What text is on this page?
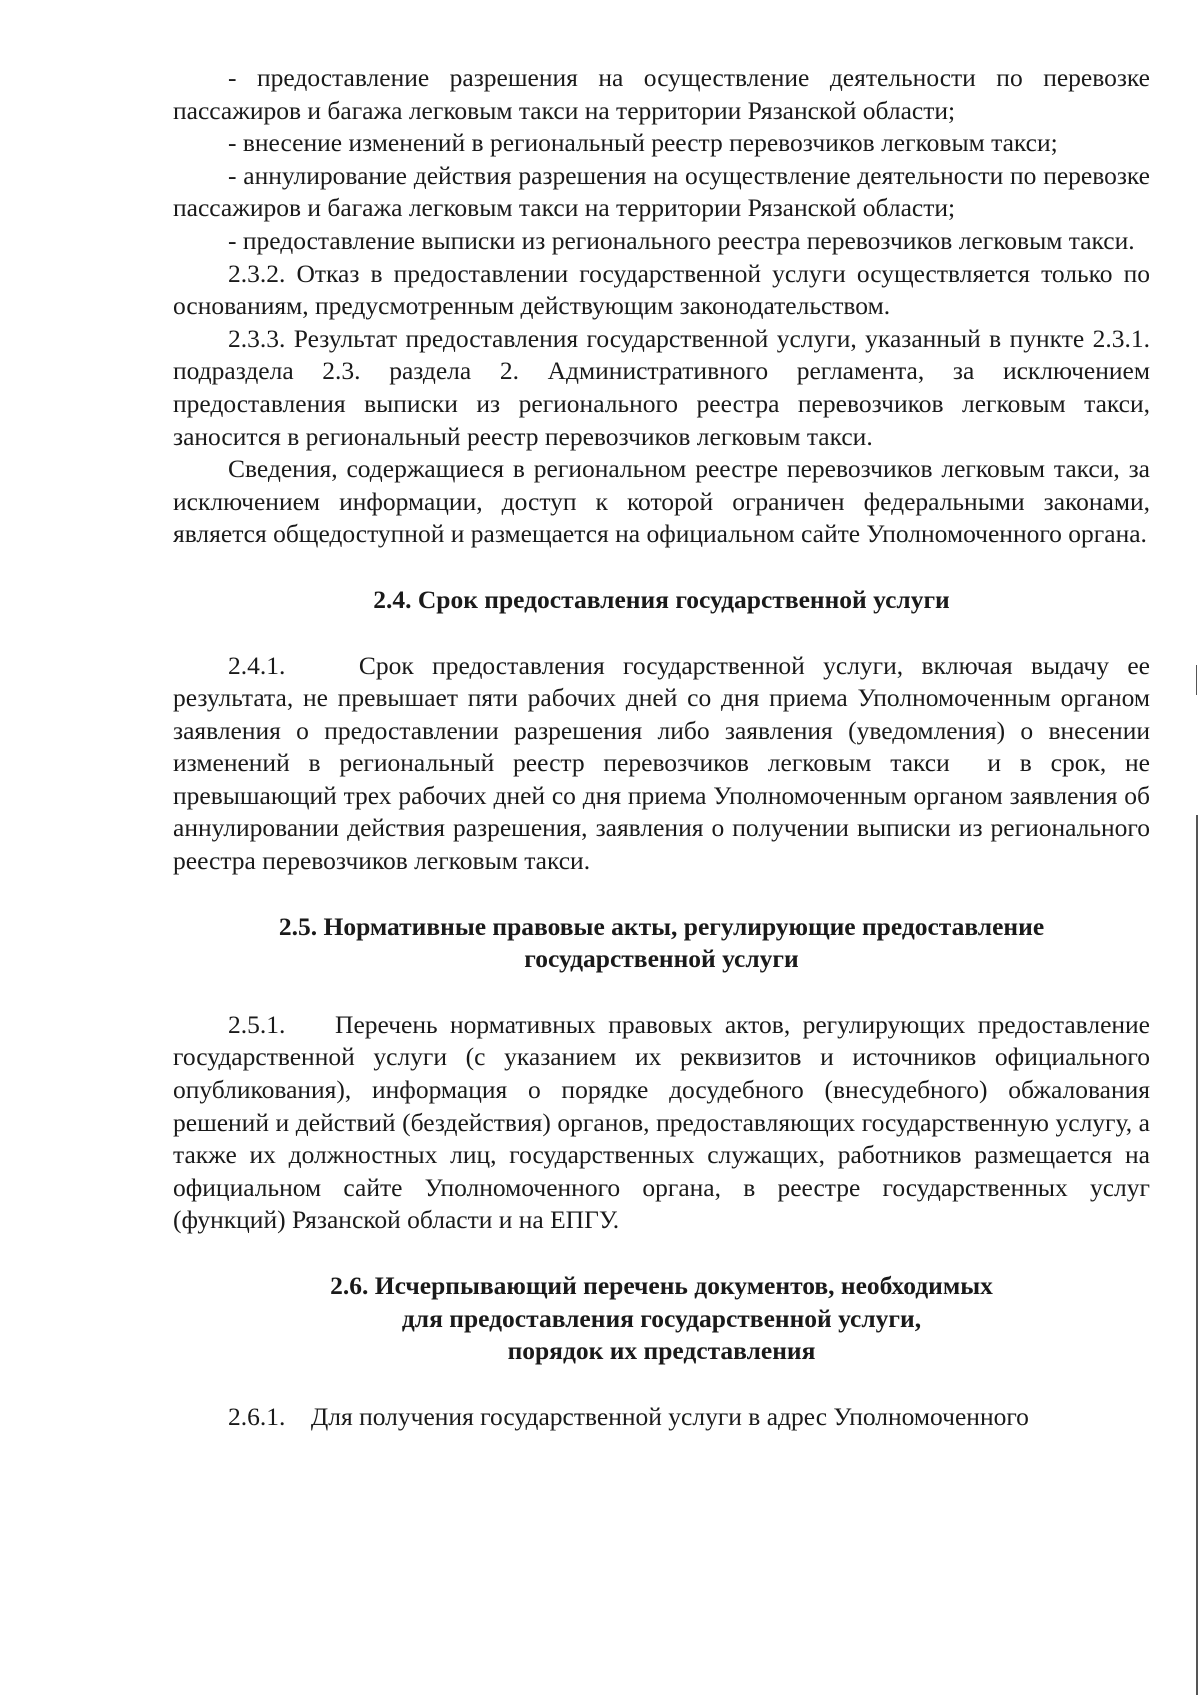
- предоставление разрешения на осуществление деятельности по перевозке пассажиров и багажа легковым такси на территории Рязанской области;

- внесение изменений в региональный реестр перевозчиков легковым такси;

- аннулирование действия разрешения на осуществление деятельности по перевозке пассажиров и багажа легковым такси на территории Рязанской области;

- предоставление выписки из регионального реестра перевозчиков легковым такси.

2.3.2. Отказ в предоставлении государственной услуги осуществляется только по основаниям, предусмотренным действующим законодательством.

2.3.3. Результат предоставления государственной услуги, указанный в пункте 2.3.1. подраздела 2.3. раздела 2. Административного регламента, за исключением предоставления выписки из регионального реестра перевозчиков легковым такси, заносится в региональный реестр перевозчиков легковым такси.

Сведения, содержащиеся в региональном реестре перевозчиков легковым такси, за исключением информации, доступ к которой ограничен федеральными законами, является общедоступной и размещается на официальном сайте Уполномоченного органа.

2.4. Срок предоставления государственной услуги

2.4.1.    Срок предоставления государственной услуги, включая выдачу ее результата, не превышает пяти рабочих дней со дня приема Уполномоченным органом заявления о предоставлении разрешения либо заявления (уведомления) о внесении изменений в региональный реестр перевозчиков легковым такси  и в срок, не превышающий трех рабочих дней со дня приема Уполномоченным органом заявления об аннулировании действия разрешения, заявления о получении выписки из регионального реестра перевозчиков легковым такси.

2.5. Нормативные правовые акты, регулирующие предоставление

государственной услуги

2.5.1.    Перечень нормативных правовых актов, регулирующих предоставление государственной услуги (с указанием их реквизитов и источников официального опубликования), информация о порядке досудебного (внесудебного) обжалования решений и действий (бездействия) органов, предоставляющих государственную услугу, а также их должностных лиц, государственных служащих, работников размещается на официальном сайте Уполномоченного органа, в реестре государственных услуг (функций) Рязанской области и на ЕПГУ.

2.6. Исчерпывающий перечень документов, необходимых

для предоставления государственной услуги,

порядок их представления

2.6.1.    Для получения государственной услуги в адрес Уполномоченного
